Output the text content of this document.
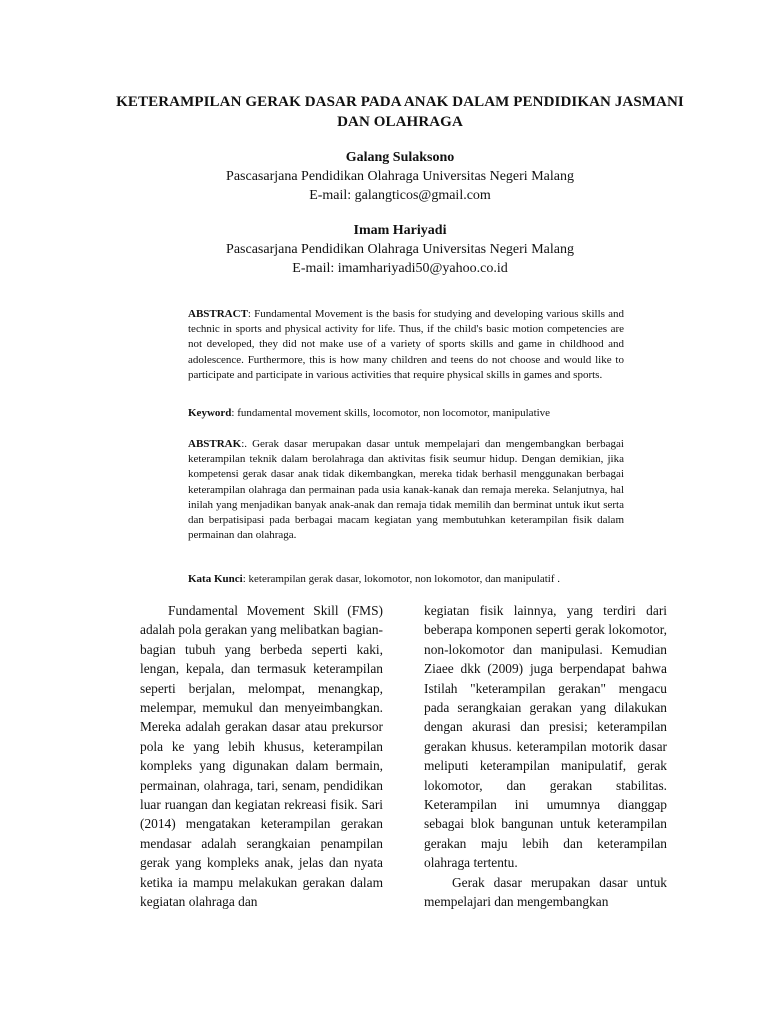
KETERAMPILAN GERAK DASAR PADA ANAK DALAM PENDIDIKAN JASMANI DAN OLAHRAGA
Galang Sulaksono
Pascasarjana Pendidikan Olahraga Universitas Negeri Malang
E-mail: galangticos@gmail.com
Imam Hariyadi
Pascasarjana Pendidikan Olahraga Universitas Negeri Malang
E-mail: imamhariyadi50@yahoo.co.id
ABSTRACT: Fundamental Movement is the basis for studying and developing various skills and technic in sports and physical activity for life. Thus, if the child's basic motion competencies are not developed, they did not make use of a variety of sports skills and game in childhood and adolescence. Furthermore, this is how many children and teens do not choose and would like to participate and participate in various activities that require physical skills in games and sports.
Keyword: fundamental movement skills, locomotor, non locomotor, manipulative
ABSTRAK:. Gerak dasar merupakan dasar untuk mempelajari dan mengembangkan berbagai keterampilan teknik dalam berolahraga dan aktivitas fisik seumur hidup. Dengan demikian, jika kompetensi gerak dasar anak tidak dikembangkan, mereka tidak berhasil menggunakan berbagai keterampilan olahraga dan permainan pada usia kanak-kanak dan remaja mereka. Selanjutnya, hal inilah yang menjadikan banyak anak-anak dan remaja tidak memilih dan berminat untuk ikut serta dan berpatisipasi pada berbagai macam kegiatan yang membutuhkan keterampilan fisik dalam permainan dan olahraga.
Kata Kunci: keterampilan gerak dasar, lokomotor, non lokomotor, dan manipulatif .

Fundamental Movement Skill (FMS) adalah pola gerakan yang melibatkan bagian-bagian tubuh yang berbeda seperti kaki, lengan, kepala, dan termasuk keterampilan seperti berjalan, melompat, menangkap, melempar, memukul dan menyeimbangkan. Mereka adalah gerakan dasar atau prekursor pola ke yang lebih khusus, keterampilan kompleks yang digunakan dalam bermain, permainan, olahraga, tari, senam, pendidikan luar ruangan dan kegiatan rekreasi fisik. Sari (2014) mengatakan keterampilan gerakan mendasar adalah serangkaian penampilan gerak yang kompleks anak, jelas dan nyata ketika ia mampu melakukan gerakan dalam kegiatan olahraga dan

kegiatan fisik lainnya, yang terdiri dari beberapa komponen seperti gerak lokomotor, non-lokomotor dan manipulasi. Kemudian Ziaee dkk (2009) juga berpendapat bahwa Istilah "keterampilan gerakan" mengacu pada serangkaian gerakan yang dilakukan dengan akurasi dan presisi; keterampilan gerakan khusus. keterampilan motorik dasar meliputi keterampilan manipulatif, gerak lokomotor, dan gerakan stabilitas. Keterampilan ini umumnya dianggap sebagai blok bangunan untuk keterampilan gerakan maju lebih dan keterampilan olahraga tertentu.

Gerak dasar merupakan dasar untuk mempelajari dan mengembangkan
